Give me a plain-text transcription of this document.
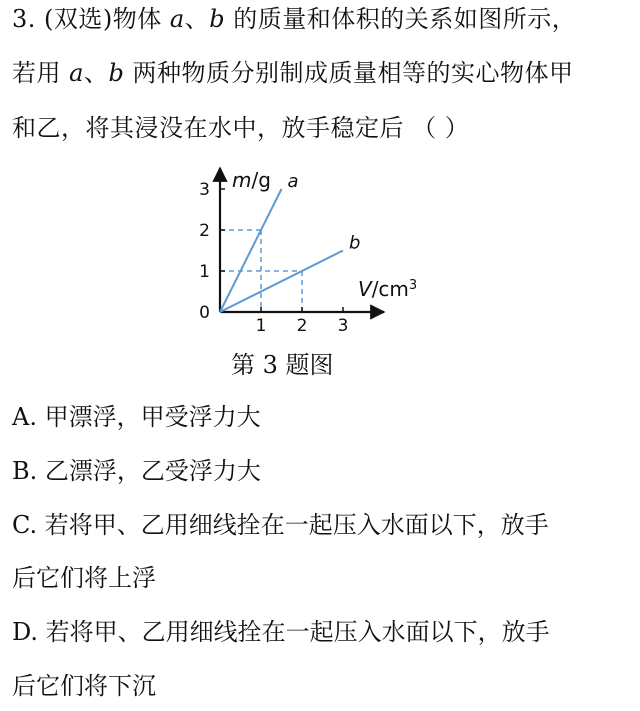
3. (双选)物体 a、b 的质量和体积的关系如图所示，
若用 a、b 两种物质分别制成质量相等的实心物体甲
和乙，将其浸没在水中，放手稳定后 （ ）
a
b
1 2 3
1
2
3
0
m/g
$V/cm^3$
第 3 题图
A. 甲漂浮，甲受浮力大
B. 乙漂浮，乙受浮力大
C. 若将甲、乙用细线拴在一起压入水面以下，放手
后它们将上浮
D. 若将甲、乙用细线拴在一起压入水面以下，放手
后它们将下沉
